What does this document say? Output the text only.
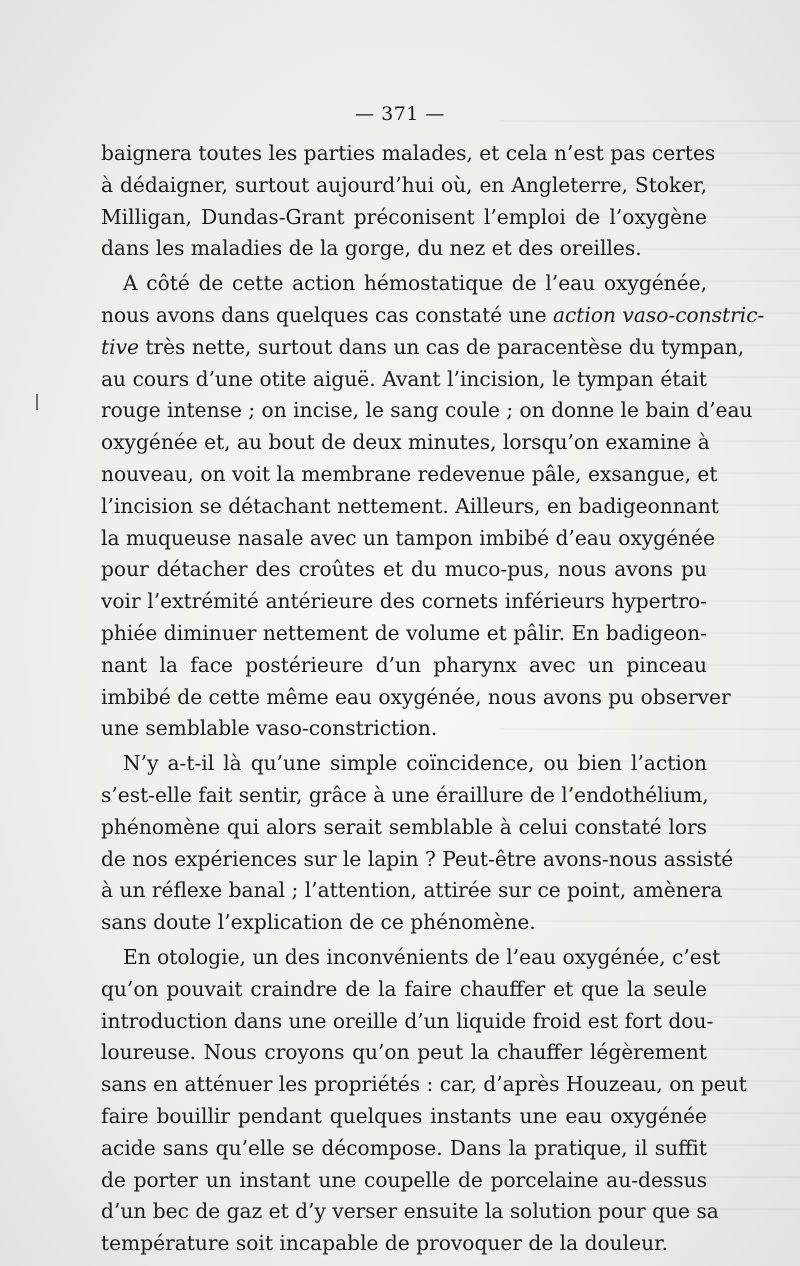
— 371 —
baignera toutes les parties malades, et cela n’est pas certes
à dédaigner, surtout aujourd’hui où, en Angleterre, Stoker,
Milligan, Dundas-Grant préconisent l’emploi de l’oxygène
dans les maladies de la gorge, du nez et des oreilles.
A côté de cette action hémostatique de l’eau oxygénée,
nous avons dans quelques cas constaté une action vaso-constric-
tive très nette, surtout dans un cas de paracentèse du tympan,
au cours d’une otite aiguë. Avant l’incision, le tympan était
rouge intense ; on incise, le sang coule ; on donne le bain d’eau
oxygénée et, au bout de deux minutes, lorsqu’on examine à
nouveau, on voit la membrane redevenue pâle, exsangue, et
l’incision se détachant nettement. Ailleurs, en badigeonnant
la muqueuse nasale avec un tampon imbibé d’eau oxygénée
pour détacher des croûtes et du muco-pus, nous avons pu
voir l’extrémité antérieure des cornets inférieurs hypertro-
phiée diminuer nettement de volume et pâlir. En badigeon-
nant la face postérieure d’un pharynx avec un pinceau
imbibé de cette même eau oxygénée, nous avons pu observer
une semblable vaso-constriction.
N’y a-t-il là qu’une simple coïncidence, ou bien l’action
s’est-elle fait sentir, grâce à une éraillure de l’endothélium,
phénomène qui alors serait semblable à celui constaté lors
de nos expériences sur le lapin ? Peut-être avons-nous assisté
à un réflexe banal ; l’attention, attirée sur ce point, amènera
sans doute l’explication de ce phénomène.
En otologie, un des inconvénients de l’eau oxygénée, c’est
qu’on pouvait craindre de la faire chauffer et que la seule
introduction dans une oreille d’un liquide froid est fort dou-
loureuse. Nous croyons qu’on peut la chauffer légèrement
sans en atténuer les propriétés : car, d’après Houzeau, on peut
faire bouillir pendant quelques instants une eau oxygénée
acide sans qu’elle se décompose. Dans la pratique, il suffit
de porter un instant une coupelle de porcelaine au-dessus
d’un bec de gaz et d’y verser ensuite la solution pour que sa
température soit incapable de provoquer de la douleur.
